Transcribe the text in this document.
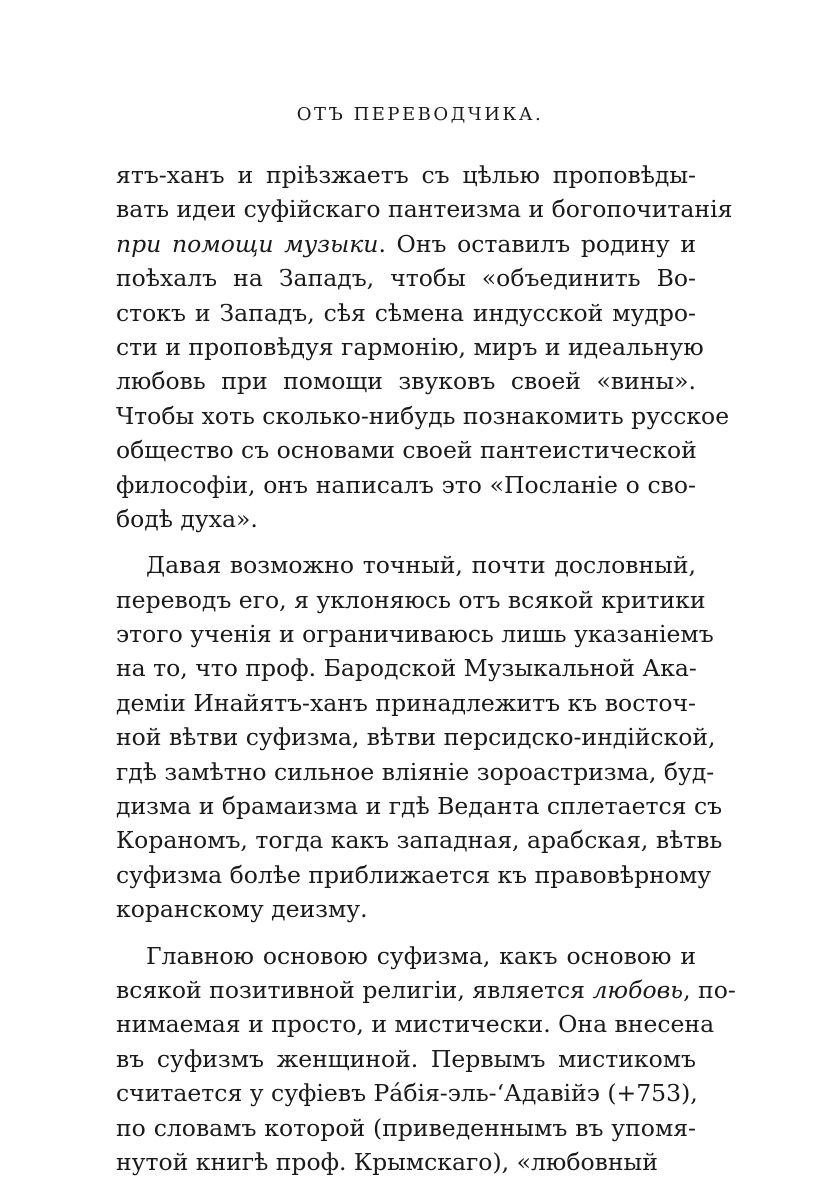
ОТЪ ПЕРЕВОДЧИКА.
ятъ-ханъ и прiѣзжаетъ съ цѣлью проповѣды-
вать идеи суфiйскаго пантеизма и богопочитанiя
при помощи музыки. Онъ оставилъ родину и
поѣхалъ на Западъ, чтобы «объединить Во-
стокъ и Западъ, сѣя сѣмена индусской мудро-
сти и проповѣдуя гармонiю, миръ и идеальную
любовь при помощи звуковъ своей «вины».
Чтобы хоть сколько-нибудь познакомить русское
общество съ основами своей пантеистической
философiи, онъ написалъ это «Посланiе о сво-
бодѣ духа».
Давая возможно точный, почти дословный,
переводъ его, я уклоняюсь отъ всякой критики
этого ученiя и ограничиваюсь лишь указанiемъ
на то, что проф. Бародской Музыкальной Ака-
демiи Инайятъ-ханъ принадлежитъ къ восточ-
ной вѣтви суфизма, вѣтви персидско-индiйской,
гдѣ замѣтно сильное влiянiе зороастризма, буд-
дизма и брамаизма и гдѣ Веданта сплетается съ
Кораномъ, тогда какъ западная, арабская, вѣтвь
суфизма болѣе приближается къ правовѣрному
коранскому деизму.
Главною основою суфизма, какъ основою и
всякой позитивной религiи, является любовь, по-
нимаемая и просто, и мистически. Она внесена
въ суфизмъ женщиной. Первымъ мистикомъ
считается у суфiевъ Рáбiя-эль-‘Адавiйэ (+753),
по словамъ которой (приведеннымъ въ упомя-
нутой книгѣ проф. Крымскаго), «любовный
